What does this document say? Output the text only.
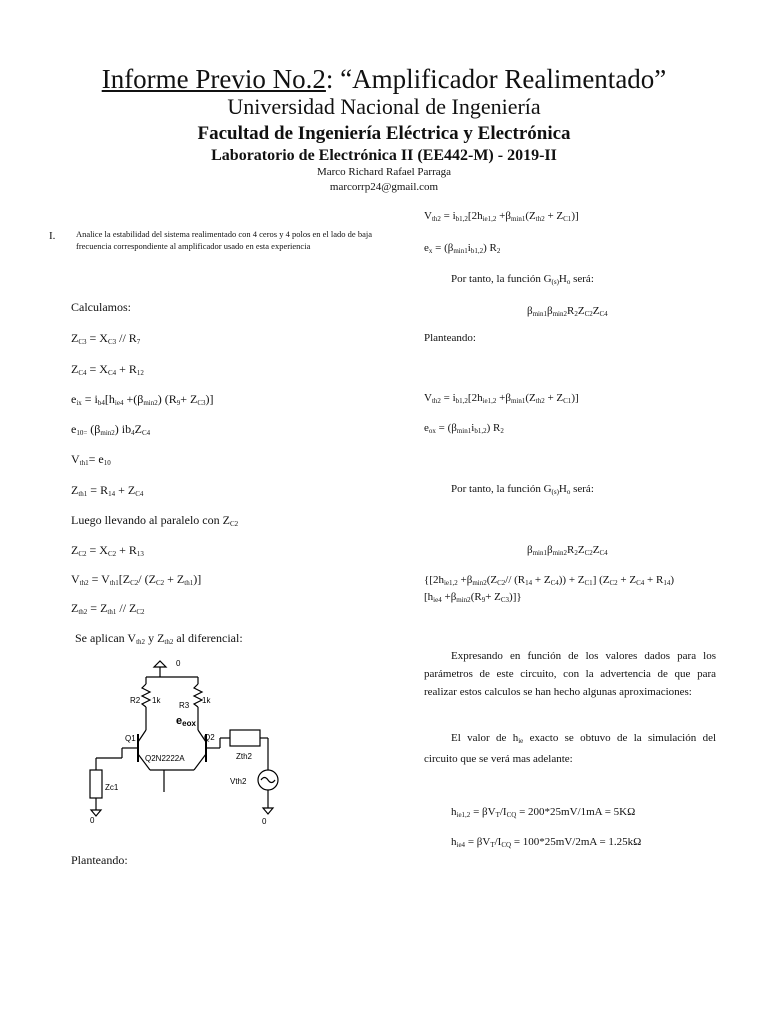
Informe Previo No.2: “Amplificador Realimentado”
Universidad Nacional de Ingeniería
Facultad de Ingeniería Eléctrica y Electrónica
Laboratorio de Electrónica II (EE442-M) - 2019-II
Marco Richard Rafael Parraga
marcorrp24@gmail.com
I. Analice la estabilidad del sistema realimentado con 4 ceros y 4 polos en el lado de baja frecuencia correspondiente al amplificador usado en esta experiencia
Calculamos:
$Z_{C3} = X_{C3} // R_7$
$Z_{C4} = X_{C4} + R_{12}$
$e_{ix} = i_{b4}[h_{ie4} +(\beta_{min2})$ $(R_9+ Z_{C3})$]
$e_{10=}$ $(\beta_{min2})$ $ib_4Z_{C4}$
$V_{th1}= e_{10}$
$Z_{th1} = R_{14} + Z_{C4}$
Luego llevando al paralelo con $Z_{C2}$
$Z_{C2} = X_{C2} + R_{13}$
$V_{th2} = V_{th1}[Z_{C2}/$ $(Z_{C2} + Z_{th1})$]
$Z_{th2} = Z_{th1} // Z_{C2}$
Se aplican $V_{th2}$ y $Z_{th2}$ al diferencial:
0
R2 1k
R3
1k
eeox
Q1	Q2
Q2N2222A
Zc1
Zth2
Vth2
0	0
Planteando:
$V_{th2} = i_{b1,2}[2h_{ie1,2} +\beta_{min1}(Z_{th2} + Z_{C1})]$
$e_x = (\beta_{min1}i_{b1,2})$ $R_2$
Por tanto, la función $G_{(s)}H_o$ será:
$\beta_{min1}\beta_{min2}R_2Z_{C2}Z_{C4}$
Planteando:
$V_{th2} = i_{b1,2}[2h_{ie1,2} +\beta_{min1}(Z_{th2} + Z_{C1})]$
$e_{ox} = (\beta_{min1}i_{b1,2})$ $R_2$
Por tanto, la función $G_{(s)}H_o$ será:
$\beta_{min1}\beta_{min2}R_2Z_{C2}Z_{C4}$
{[$2h_{ie1,2} +\beta_{min2}(Z_{C2}//$ $(R_{14} + Z_{C4})) + Z_{C1}$] $(Z_{C2} + Z_{C4} + R_{14})$
$[h_{ie4} +\beta_{min2}(R_9+ Z_{C3})]$}
Expresando en función de los valores dados para los parámetros de este circuito, con la advertencia de que para realizar estos calculos se han hecho algunas aproximaciones:
El valor de $h_{ie}$ exacto se obtuvo de la simulación del circuito que se verá mas adelante:
$h_{ie1,2} = \beta V_T/I_{CQ} = 200*25mV/1mA = 5K\Omega$
$h_{ie4} = \beta V_T/I_{CQ} = 100*25mV/2mA = 1.25k\Omega$
